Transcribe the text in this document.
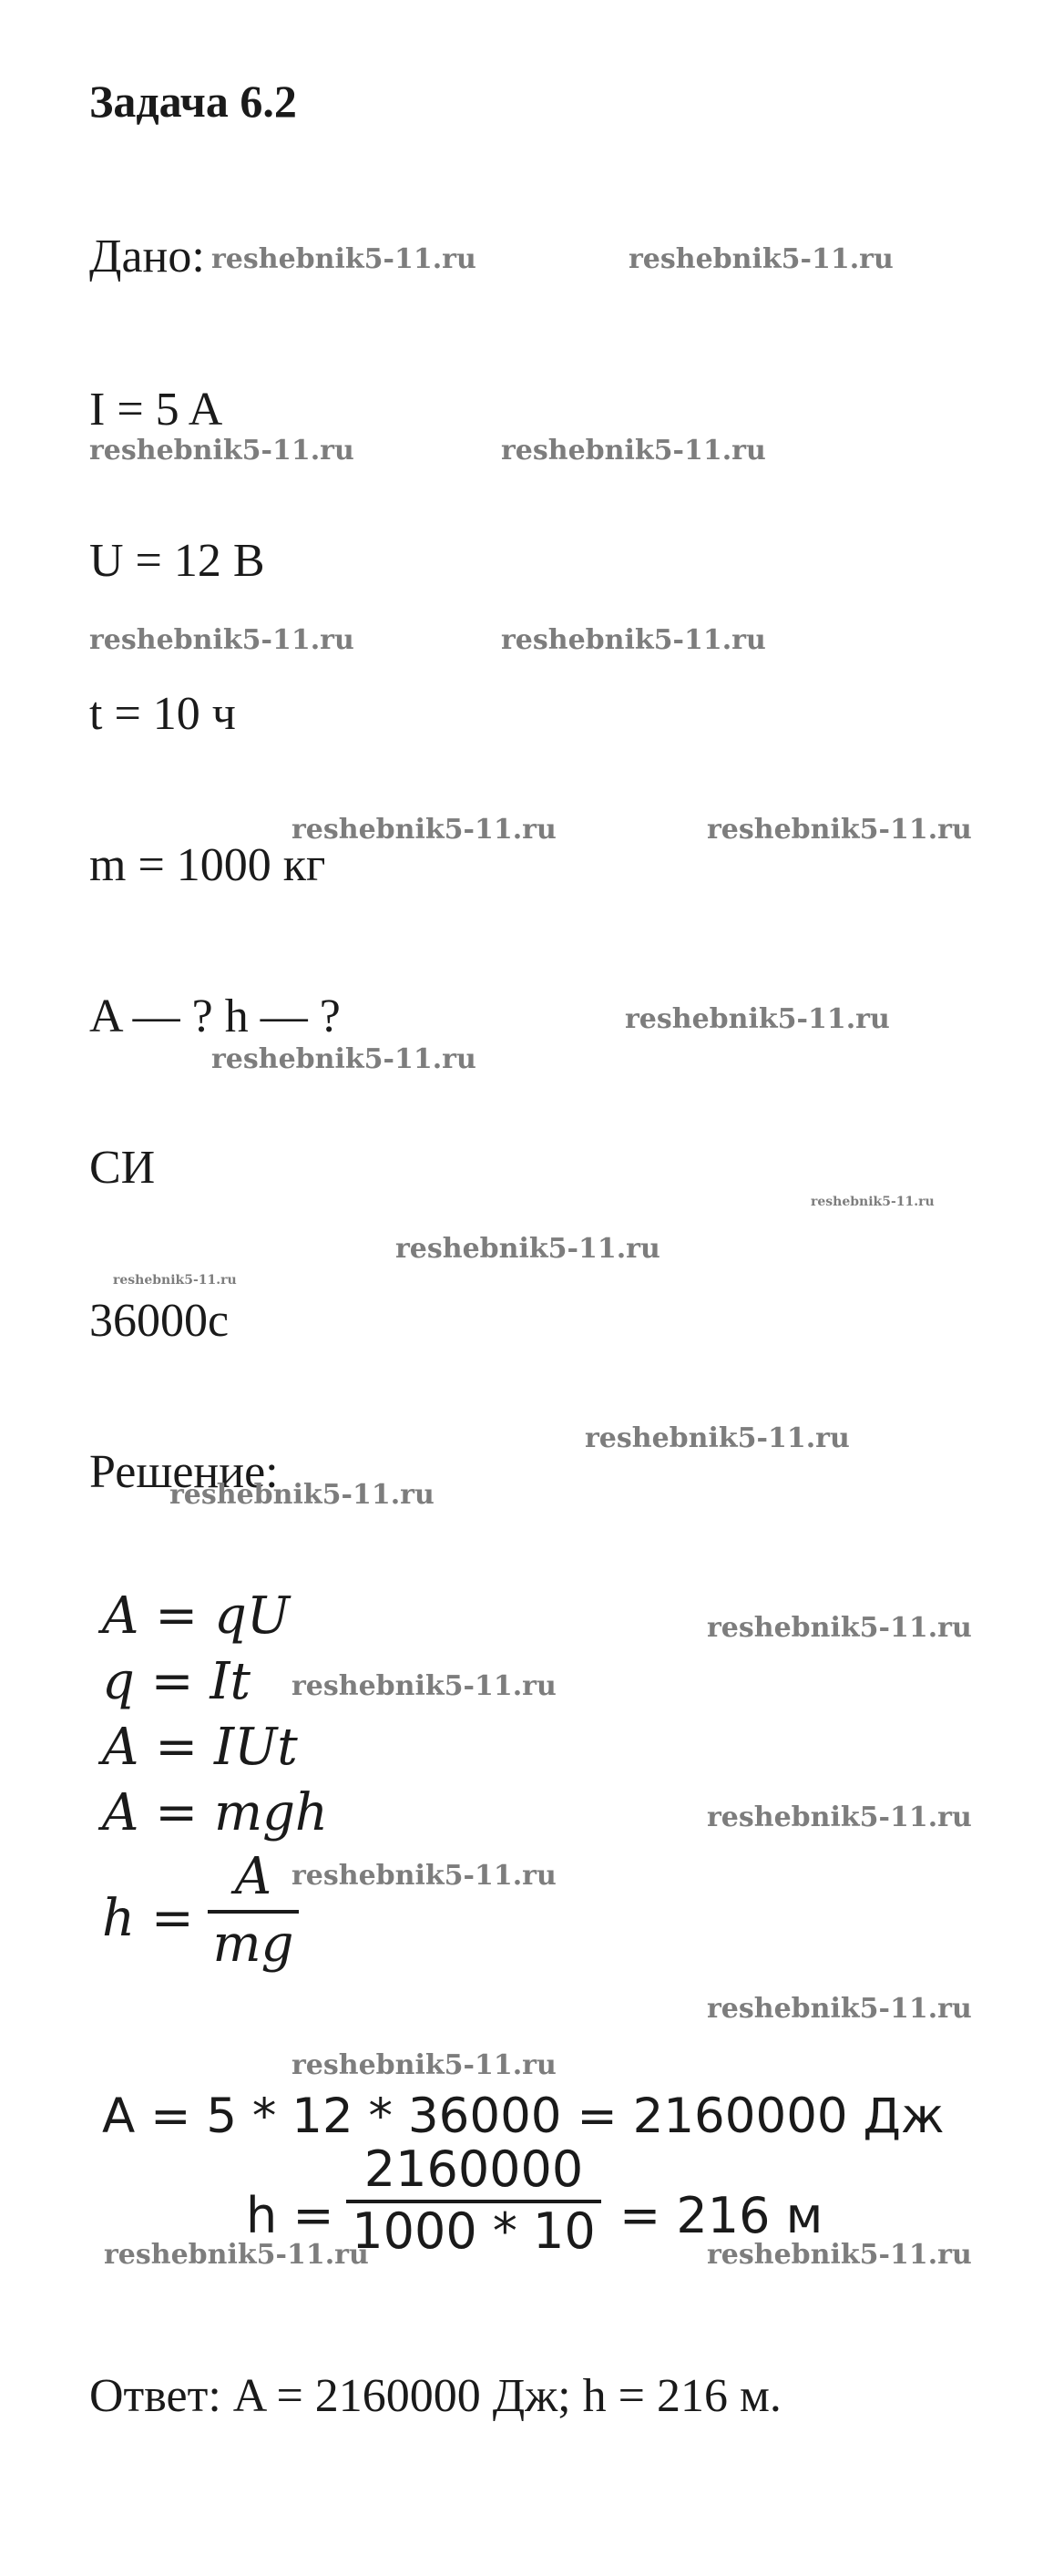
Задача 6.2
Дано:
I = 5 A
U = 12 B
t = 10 ч
m = 1000 кг
A — ? h — ?
СИ
36000с
Решение:
A = qU
q = It
A = IUt
A = mgh
h =
A
mg
A = 5 * 12 * 36000 = 2160000 Дж
h =
2160000
1000 * 10 = 216 м
Ответ: A = 2160000 Дж; h = 216 м.
reshebnik5-11.ru	reshebnik5-11.ru
reshebnik5-11.ru	reshebnik5-11.ru
reshebnik5-11.ru	reshebnik5-11.ru
reshebnik5-11.ru	reshebnik5-11.ru
reshebnik5-11.ru
reshebnik5-11.ru
reshebnik5-11.ru
reshebnik5-11.ru
reshebnik5-11.ru
reshebnik5-11.ru
reshebnik5-11.ru
reshebnik5-11.ru
reshebnik5-11.ru
reshebnik5-11.ru
reshebnik5-11.ru
reshebnik5-11.ru
reshebnik5-11.ru
reshebnik5-11.ru	reshebnik5-11.ru
